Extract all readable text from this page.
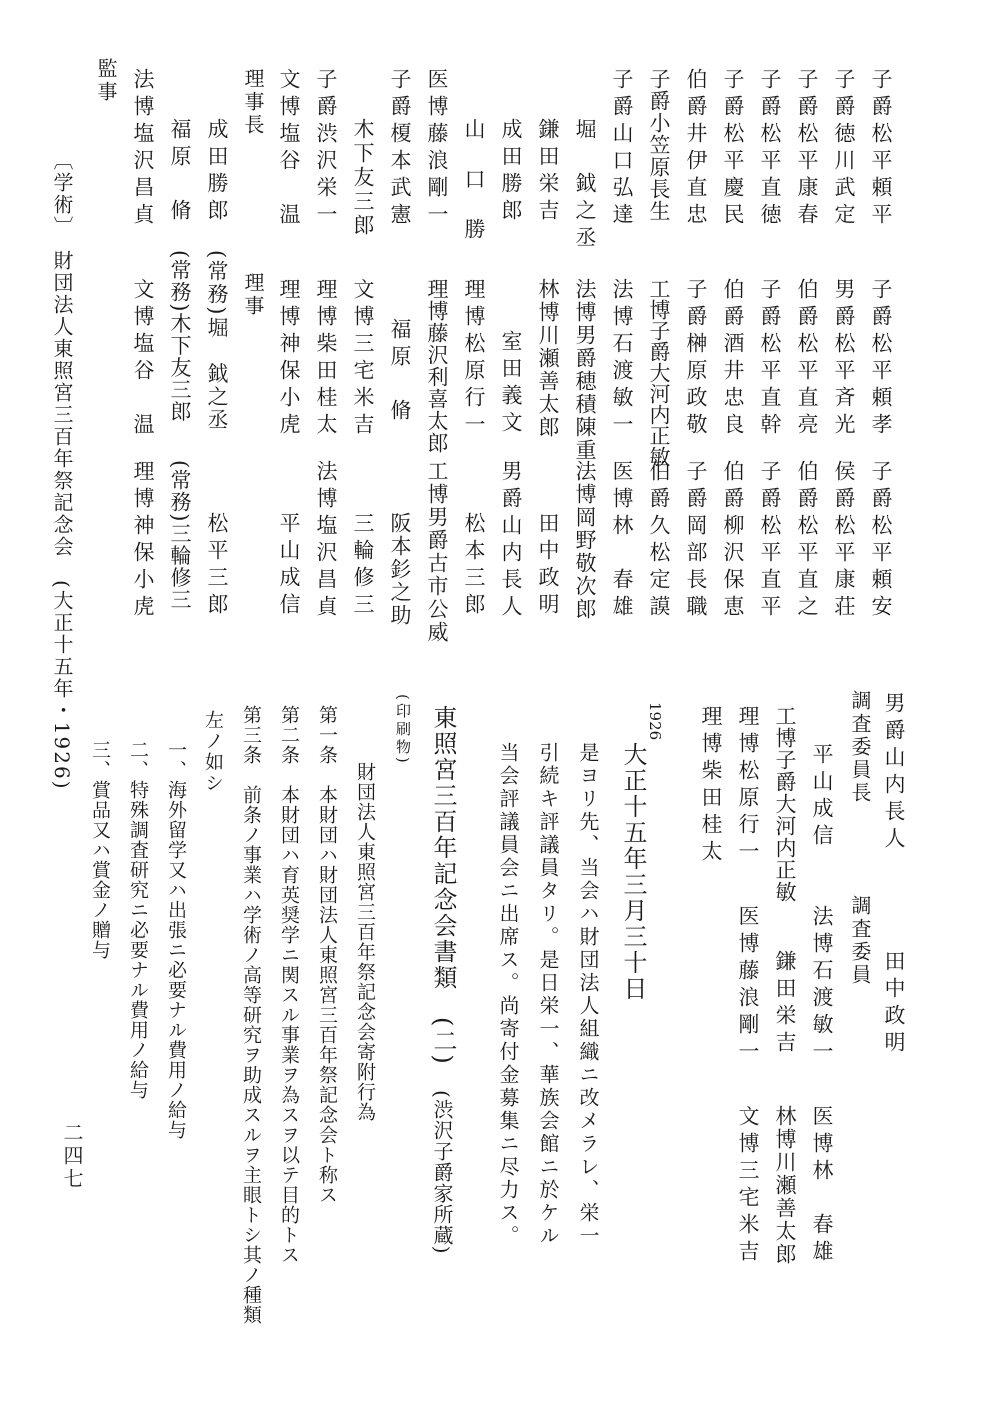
子爵松平頼平
子爵松平頼孝
子爵松平頼安
子爵徳川武定
男爵松平斉光
侯爵松平康荘
子爵松平康春
伯爵松平直亮
伯爵松平直之
子爵松平直徳
子爵松平直幹
子爵松平直平
子爵松平慶民
伯爵酒井忠良
伯爵柳沢保恵
伯爵井伊直忠
子爵榊原政敬
子爵岡部長職
子爵小笠原長生
工博子爵大河内正敏
伯爵久松定謨
子爵山口弘達
法博石渡敏一
医博林　春雄
堀　鉞之丞
法博男爵穂積陳重
法博岡野敬次郎
鎌田栄吉
林博川瀬善太郎
田中政明
成田勝郎
室田義文
男爵山内長人
山　口　勝
理博松原行一
松本三郎
医博藤浪剛一
理博藤沢利喜太郎
工博男爵古市公威
子爵榎本武憲
福原　脩
阪本釤之助
木下友三郎
文博三宅米吉
三輪修三
子爵渋沢栄一
理博柴田桂太
法博塩沢昌貞
文博塩谷　温
理博神保小虎
平山成信
理事長
理事
成田勝郎
(常務)堀　鉞之丞
松平三郎
福原　脩
(常務)木下友三郎
(常務)三輪修三
法博塩沢昌貞
文博塩谷　温
理博神保小虎
監事
〔学術〕　財団法人東照宮三百年祭記念会　(大正十五年・1926)	男爵山内長人
田中政明
調査委員長
調査委員
平山成信
法博石渡敏一
医博林　春雄
工博子爵大河内正敏
鎌田栄吉
林博川瀬善太郎
理博松原行一
医博藤浪剛一
文博三宅米吉
理博柴田桂太
1926
大正十五年三月三十日
是ヨリ先、当会ハ財団法人組織ニ改メラレ、栄一
引続キ評議員タリ。是日栄一、華族会館ニ於ケル
当会評議員会ニ出席ス。尚寄付金募集ニ尽力ス。
東照宮三百年記念会書類　(二)
(渋沢子爵家所蔵)
(印刷物)
財団法人東照宮三百年祭記念会寄附行為
第一条　本財団ハ財団法人東照宮三百年祭記念会ト称ス
第二条　本財団ハ育英奨学ニ関スル事業ヲ為スヲ以テ目的トス
第三条　前条ノ事業ハ学術ノ高等研究ヲ助成スルヲ主眼トシ其ノ種類
左ノ如シ
一、海外留学又ハ出張ニ必要ナル費用ノ給与
二、特殊調査研究ニ必要ナル費用ノ給与
三、賞品又ハ賞金ノ贈与
二四七
